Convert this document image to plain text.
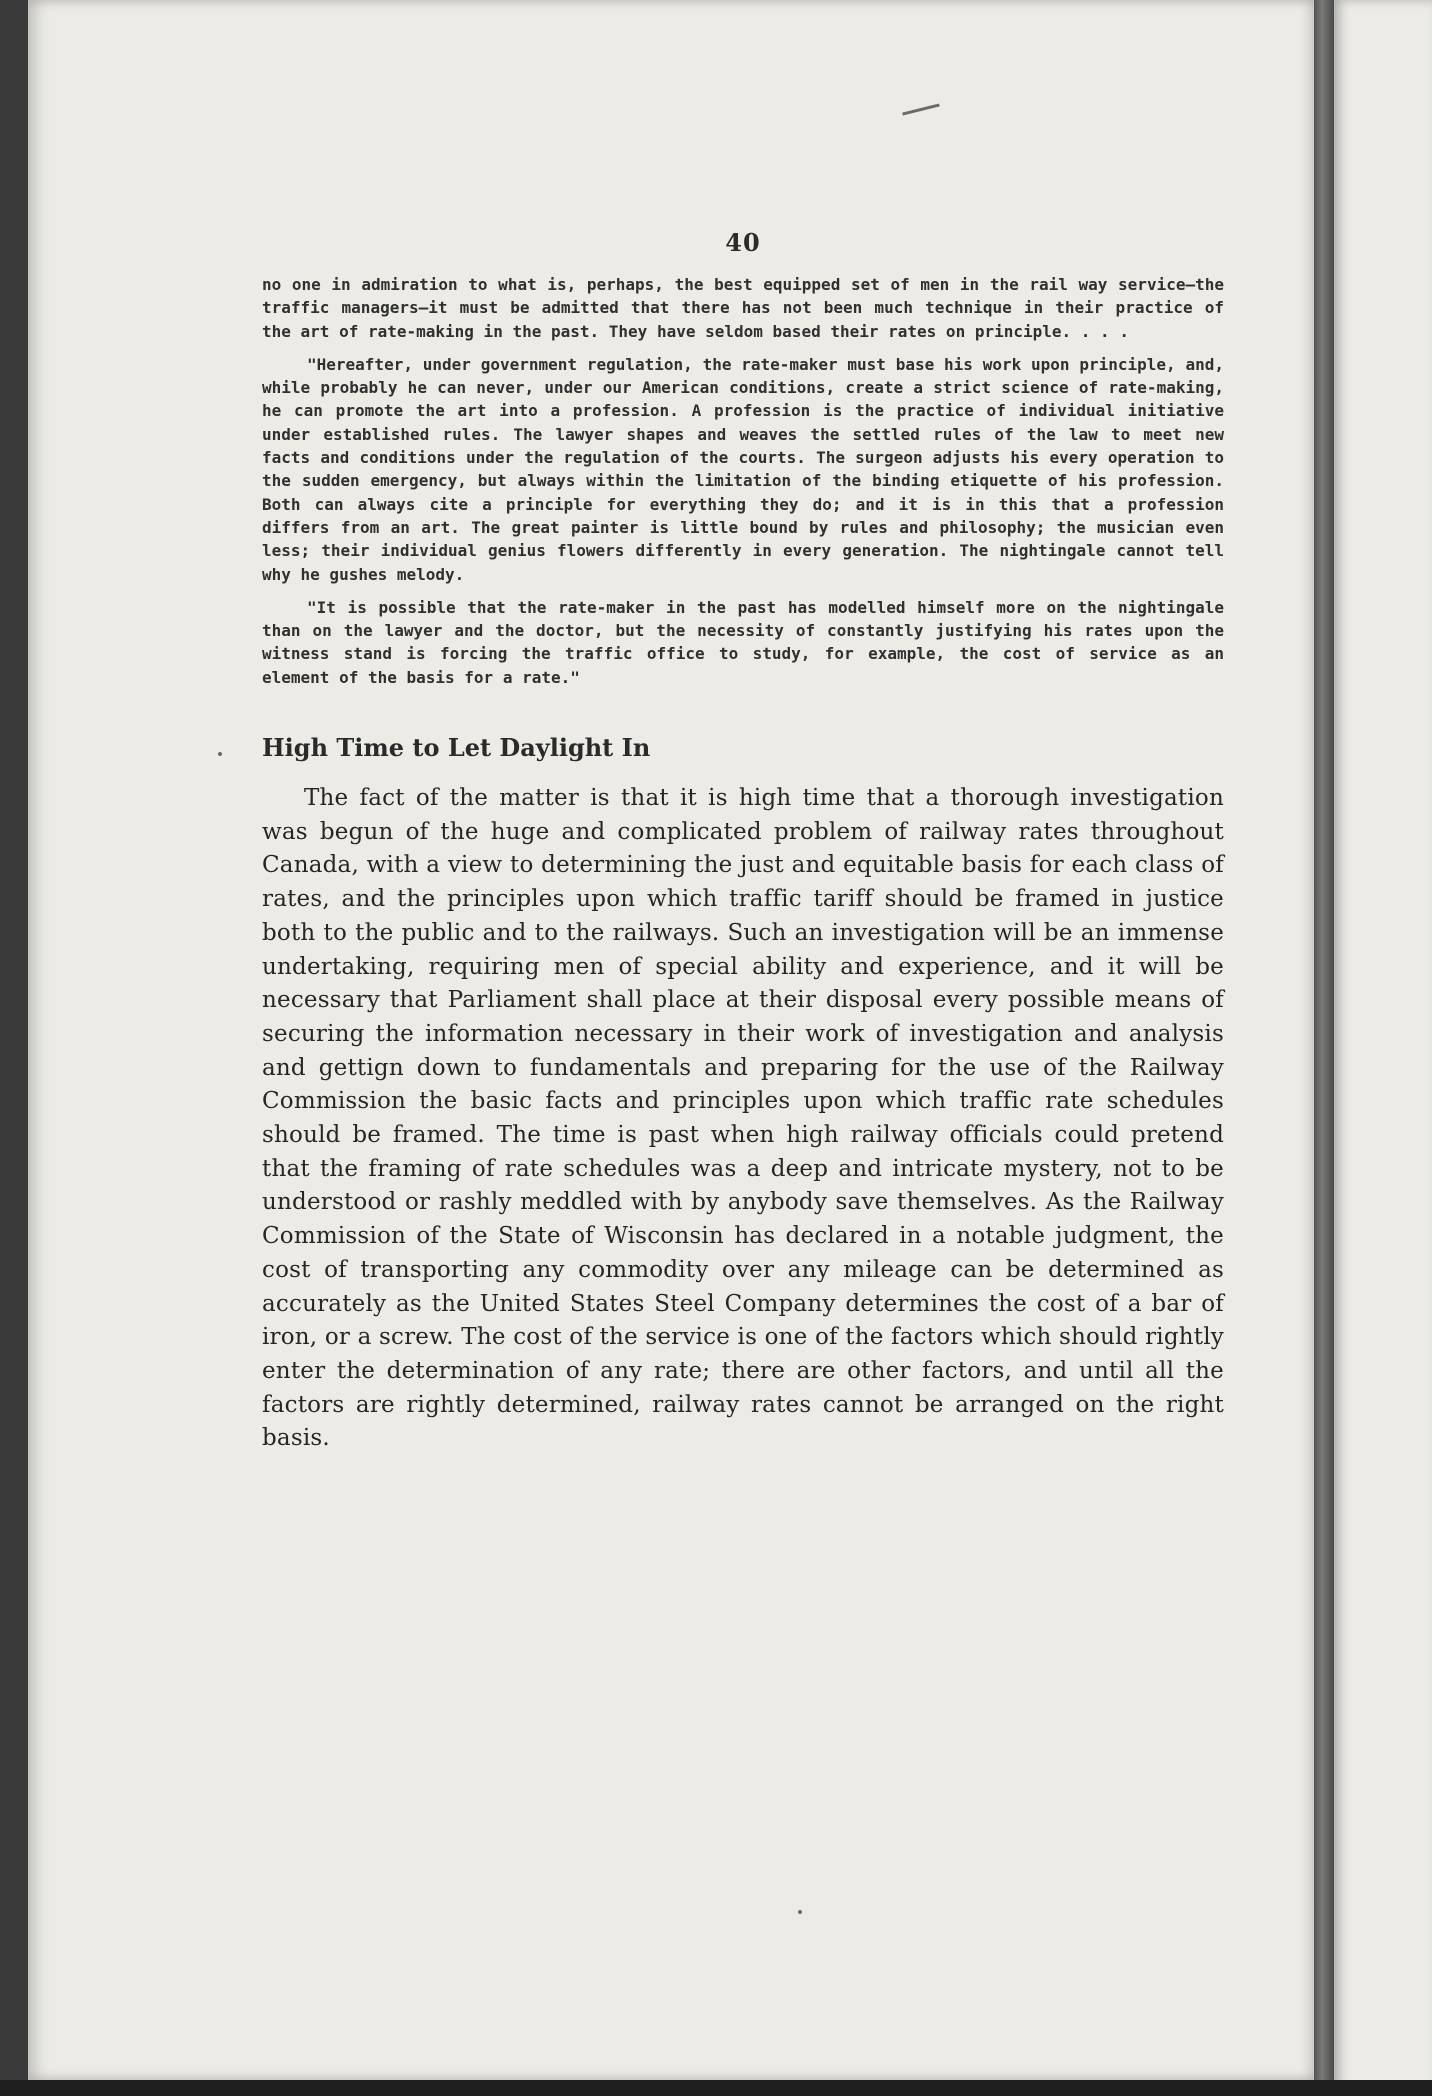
40

no one in admiration to what is, perhaps, the best equipped set of men in the rail way service—the traffic managers—it must be admitted that there has not been much technique in their practice of the art of rate-making in the past. They have seldom based their rates on principle. . . .

"Hereafter, under government regulation, the rate-maker must base his work upon principle, and, while probably he can never, under our American conditions, create a strict science of rate-making, he can promote the art into a profession. A profession is the practice of individual initiative under established rules. The lawyer shapes and weaves the settled rules of the law to meet new facts and conditions under the regulation of the courts. The surgeon adjusts his every operation to the sudden emergency, but always within the limitation of the binding etiquette of his profession. Both can always cite a principle for everything they do; and it is in this that a profession differs from an art. The great painter is little bound by rules and philosophy; the musician even less; their individual genius flowers differently in every generation. The nightingale cannot tell why he gushes melody.

"It is possible that the rate-maker in the past has modelled himself more on the nightingale than on the lawyer and the doctor, but the necessity of constantly justifying his rates upon the witness stand is forcing the traffic office to study, for example, the cost of service as an element of the basis for a rate."

High Time to Let Daylight In

The fact of the matter is that it is high time that a thorough investigation was begun of the huge and complicated problem of railway rates throughout Canada, with a view to determining the just and equitable basis for each class of rates, and the principles upon which traffic tariff should be framed in justice both to the public and to the railways. Such an investigation will be an immense undertaking, requiring men of special ability and experience, and it will be necessary that Parliament shall place at their disposal every possible means of securing the information necessary in their work of investigation and analysis and gettign down to fundamentals and preparing for the use of the Railway Commission the basic facts and principles upon which traffic rate schedules should be framed. The time is past when high railway officials could pretend that the framing of rate schedules was a deep and intricate mystery, not to be understood or rashly meddled with by anybody save themselves. As the Railway Commission of the State of Wisconsin has declared in a notable judgment, the cost of transporting any commodity over any mileage can be determined as accurately as the United States Steel Company determines the cost of a bar of iron, or a screw. The cost of the service is one of the factors which should rightly enter the determination of any rate; there are other factors, and until all the factors are rightly determined, railway rates cannot be arranged on the right basis.
